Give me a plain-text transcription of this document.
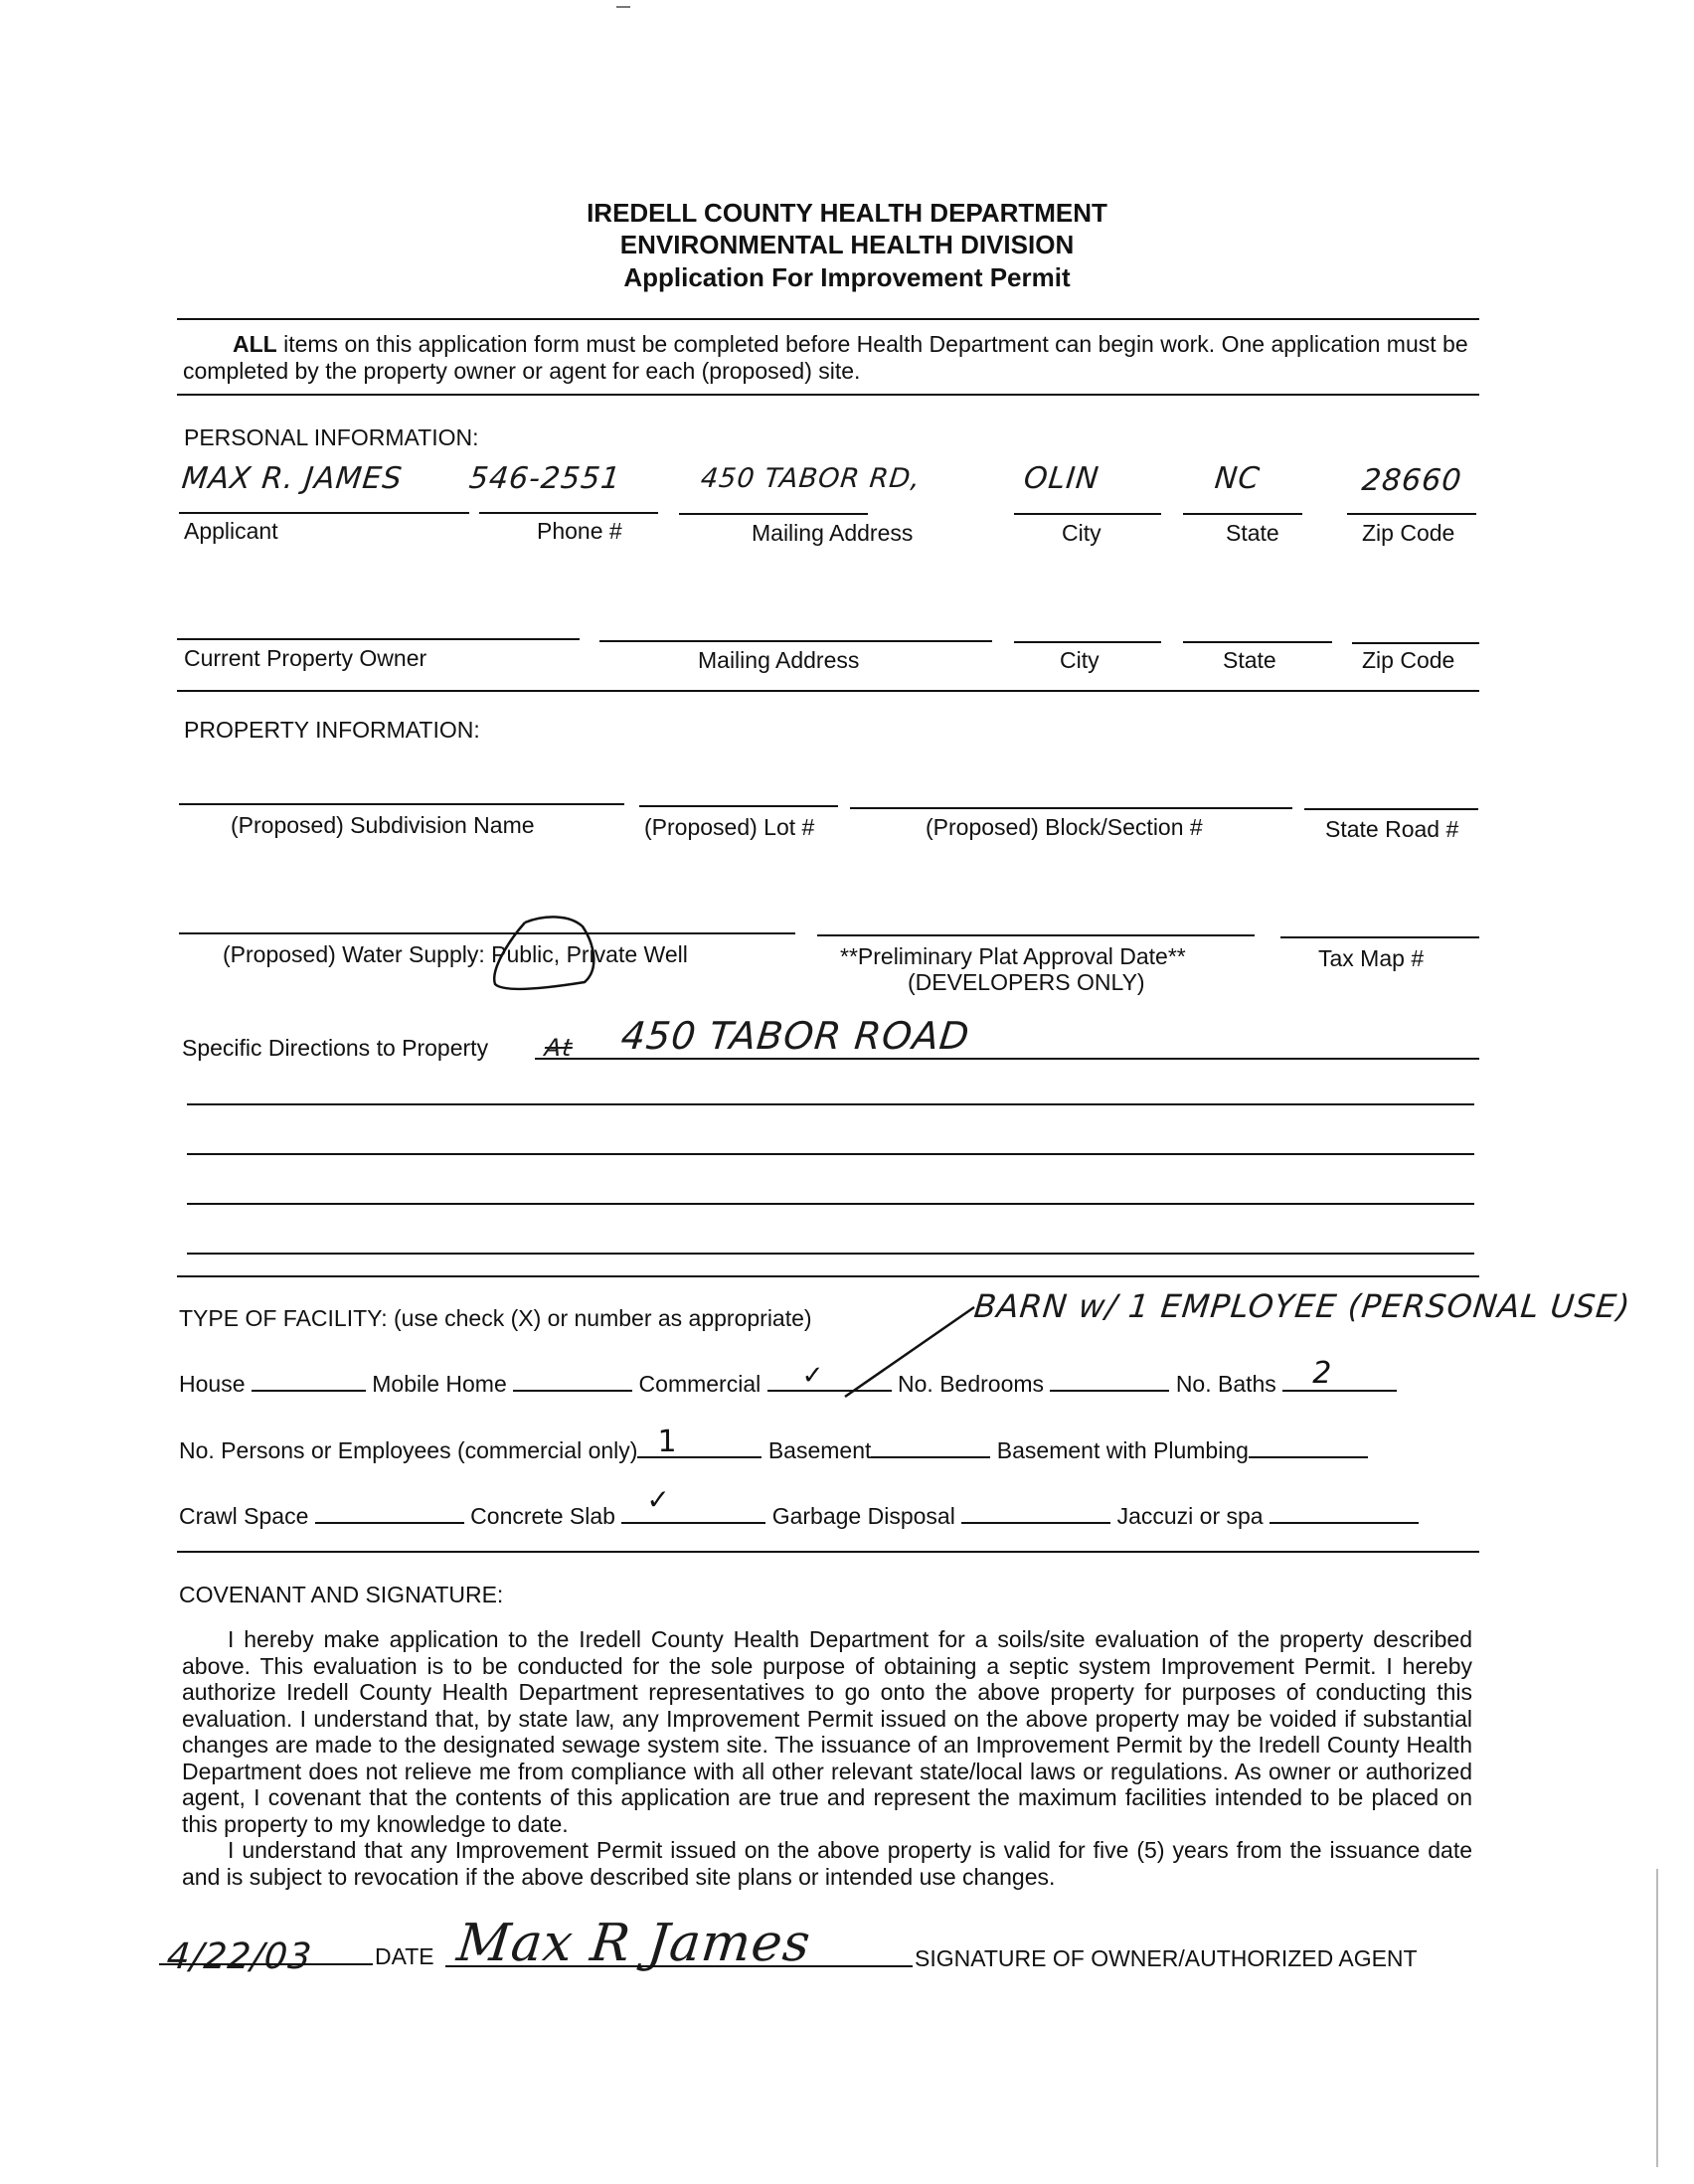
IREDELL COUNTY HEALTH DEPARTMENT
ENVIRONMENTAL HEALTH DIVISION
Application For Improvement Permit
ALL items on this application form must be completed before Health Department can begin work. One application must be completed by the property owner or agent for each (proposed) site.
PERSONAL INFORMATION:
MAX R. JAMES 546-2551	450 TABOR RD,	OLIN	NC	28660
Applicant	Phone #	Mailing Address	City	State	Zip Code
Current Property Owner	Mailing Address	City	State	Zip Code
PROPERTY INFORMATION:
(Proposed) Subdivision Name	(Proposed) Lot #	(Proposed) Block/Section #	State Road #
(Proposed) Water Supply: Public, Private Well	**Preliminary Plat Approval Date**
(DEVELOPERS ONLY)
Tax Map #
Specific Directions to Property At 450 TABOR ROAD
TYPE OF FACILITY: (use check (X) or number as appropriate)	BARN w/ 1 EMPLOYEE (PERSONAL USE)
House	Mobile Home	Commercial ✓	No. Bedrooms	No. Baths 2
No. Persons or Employees (commercial only) 1	Basement	Basement with Plumbing
Crawl Space	Concrete Slab ✓	Garbage Disposal	Jaccuzi or spa
COVENANT AND SIGNATURE:

I hereby make application to the Iredell County Health Department for a soils/site evaluation of the property described above. This evaluation is to be conducted for the sole purpose of obtaining a septic system Improvement Permit. I hereby authorize Iredell County Health Department representatives to go onto the above property for purposes of conducting this evaluation. I understand that, by state law, any Improvement Permit issued on the above property may be voided if substantial changes are made to the designated sewage system site. The issuance of an Improvement Permit by the Iredell County Health Department does not relieve me from compliance with all other relevant state/local laws or regulations. As owner or authorized agent, I covenant that the contents of this application are true and represent the maximum facilities intended to be placed on this property to my knowledge to date.

I understand that any Improvement Permit issued on the above property is valid for five (5) years from the issuance date and is subject to revocation if the above described site plans or intended use changes.

4/22/03	DATE Max R James	SIGNATURE OF OWNER/AUTHORIZED AGENT
